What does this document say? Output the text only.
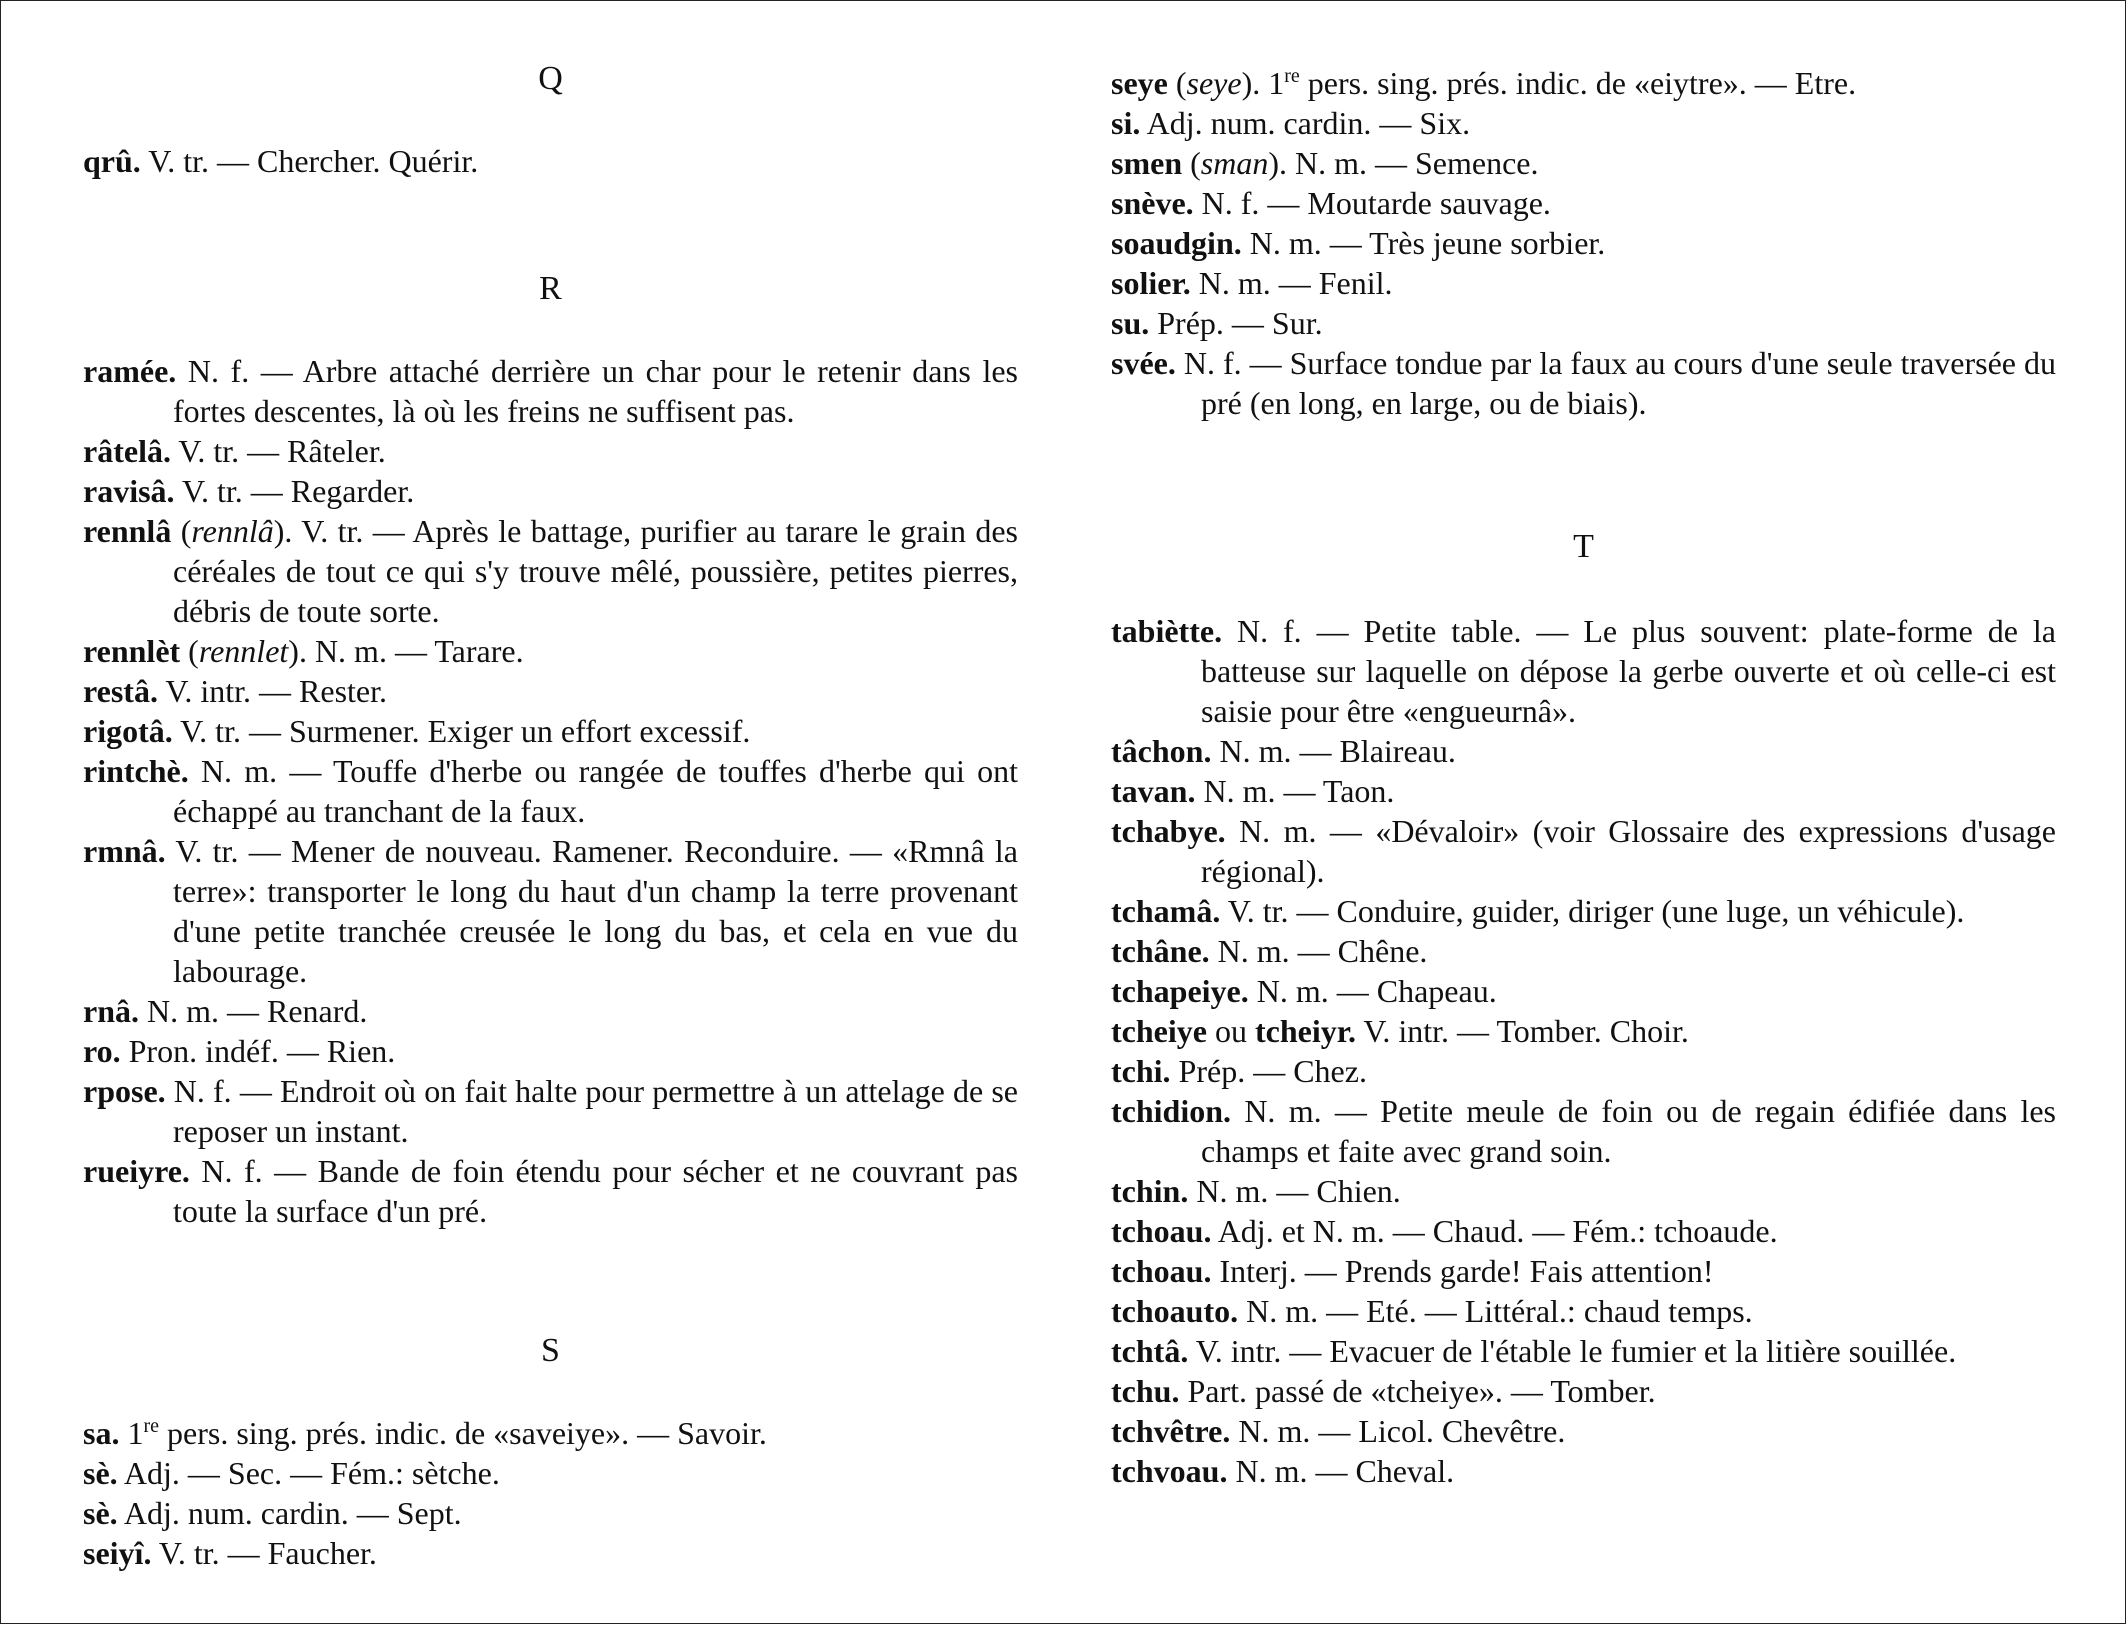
Q

qrû. V. tr. — Chercher. Quérir.

R

ramée. N. f. — Arbre attaché derrière un char pour le retenir dans les fortes descentes, là où les freins ne suffisent pas.

râtelâ. V. tr. — Râteler.

ravisâ. V. tr. — Regarder.

rennlâ (rennlâ). V. tr. — Après le battage, purifier au tarare le grain des céréales de tout ce qui s'y trouve mêlé, poussière, petites pierres, débris de toute sorte.

rennlèt (rennlet). N. m. — Tarare.

restâ. V. intr. — Rester.

rigotâ. V. tr. — Surmener. Exiger un effort excessif.

rintchè. N. m. — Touffe d'herbe ou rangée de touffes d'herbe qui ont échappé au tranchant de la faux.

rmnâ. V. tr. — Mener de nouveau. Ramener. Reconduire. — «Rmnâ la terre»: transporter le long du haut d'un champ la terre provenant d'une petite tranchée creusée le long du bas, et cela en vue du labourage.

rnâ. N. m. — Renard.

ro. Pron. indéf. — Rien.

rpose. N. f. — Endroit où on fait halte pour permettre à un attelage de se reposer un instant.

rueiyre. N. f. — Bande de foin étendu pour sécher et ne couvrant pas toute la surface d'un pré.

S

sa. 1re pers. sing. prés. indic. de «saveiye». — Savoir.

sè. Adj. — Sec. — Fém.: sètche.

sè. Adj. num. cardin. — Sept.

seiyî. V. tr. — Faucher.

seye (seye). 1re pers. sing. prés. indic. de «eiytre». — Etre.

si. Adj. num. cardin. — Six.

smen (sman). N. m. — Semence.

snève. N. f. — Moutarde sauvage.

soaudgin. N. m. — Très jeune sorbier.

solier. N. m. — Fenil.

su. Prép. — Sur.

svée. N. f. — Surface tondue par la faux au cours d'une seule traversée du pré (en long, en large, ou de biais).

T

tabiètte. N. f. — Petite table. — Le plus souvent: plate-forme de la batteuse sur laquelle on dépose la gerbe ouverte et où celle-ci est saisie pour être «engueurnâ».

tâchon. N. m. — Blaireau.

tavan. N. m. — Taon.

tchabye. N. m. — «Dévaloir» (voir Glossaire des expressions d'usage régional).

tchamâ. V. tr. — Conduire, guider, diriger (une luge, un véhicule).

tchâne. N. m. — Chêne.

tchapeiye. N. m. — Chapeau.

tcheiye ou tcheiyr. V. intr. — Tomber. Choir.

tchi. Prép. — Chez.

tchidion. N. m. — Petite meule de foin ou de regain édifiée dans les champs et faite avec grand soin.

tchin. N. m. — Chien.

tchoau. Adj. et N. m. — Chaud. — Fém.: tchoaude.

tchoau. Interj. — Prends garde! Fais attention!

tchoauto. N. m. — Eté. — Littéral.: chaud temps.

tchtâ. V. intr. — Evacuer de l'étable le fumier et la litière souillée.

tchu. Part. passé de «tcheiye». — Tomber.

tchvêtre. N. m. — Licol. Chevêtre.

tchvoau. N. m. — Cheval.
